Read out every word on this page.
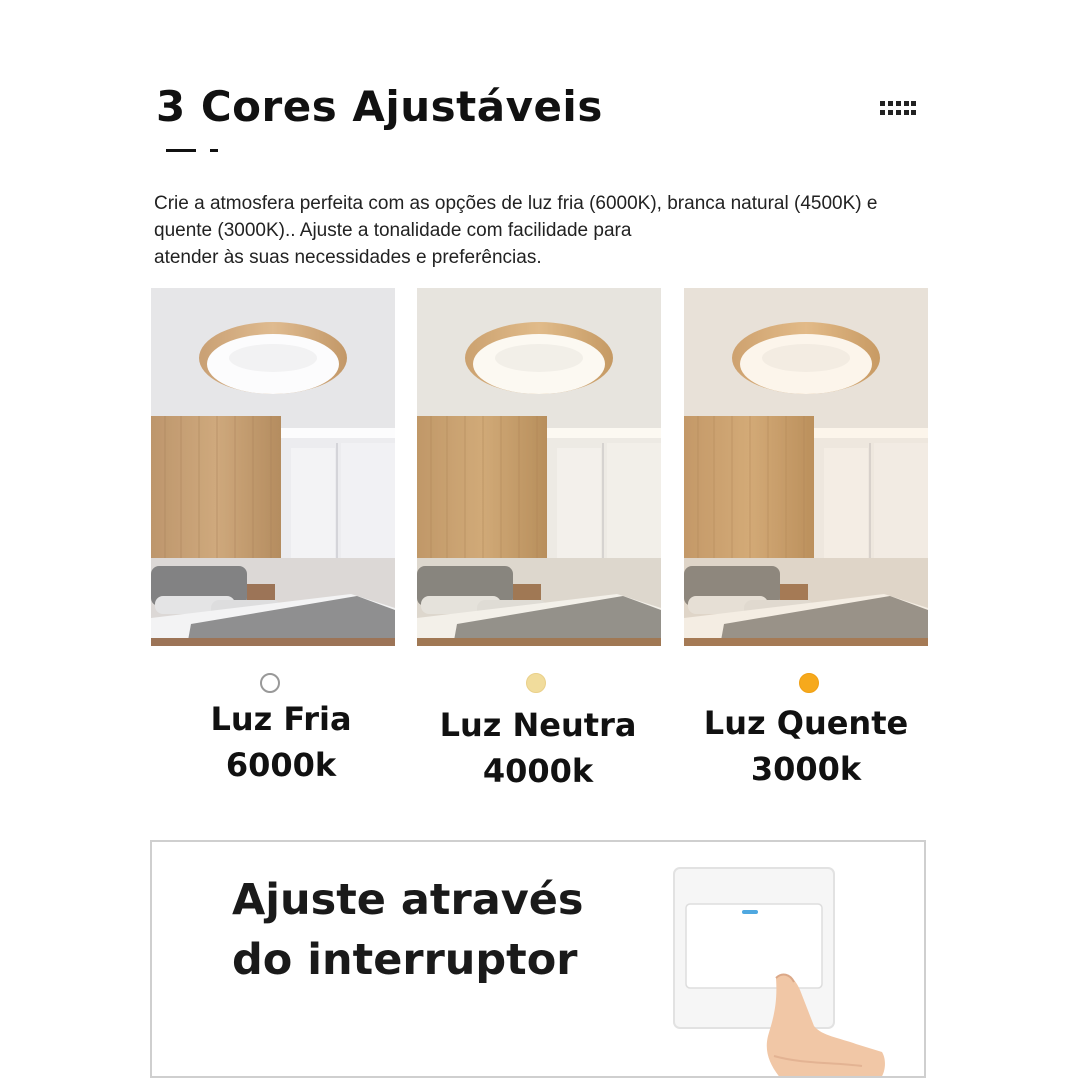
3 Cores Ajustáveis

Crie a atmosfera perfeita com as opções de luz fria (6000K), branca natural (4500K) e
quente (3000K).. Ajuste a tonalidade com facilidade para
atender às suas necessidades e preferências.

Luz Fria
6000k
Luz Neutra
4000k
Luz Quente
3000k

Ajuste através
do interruptor
